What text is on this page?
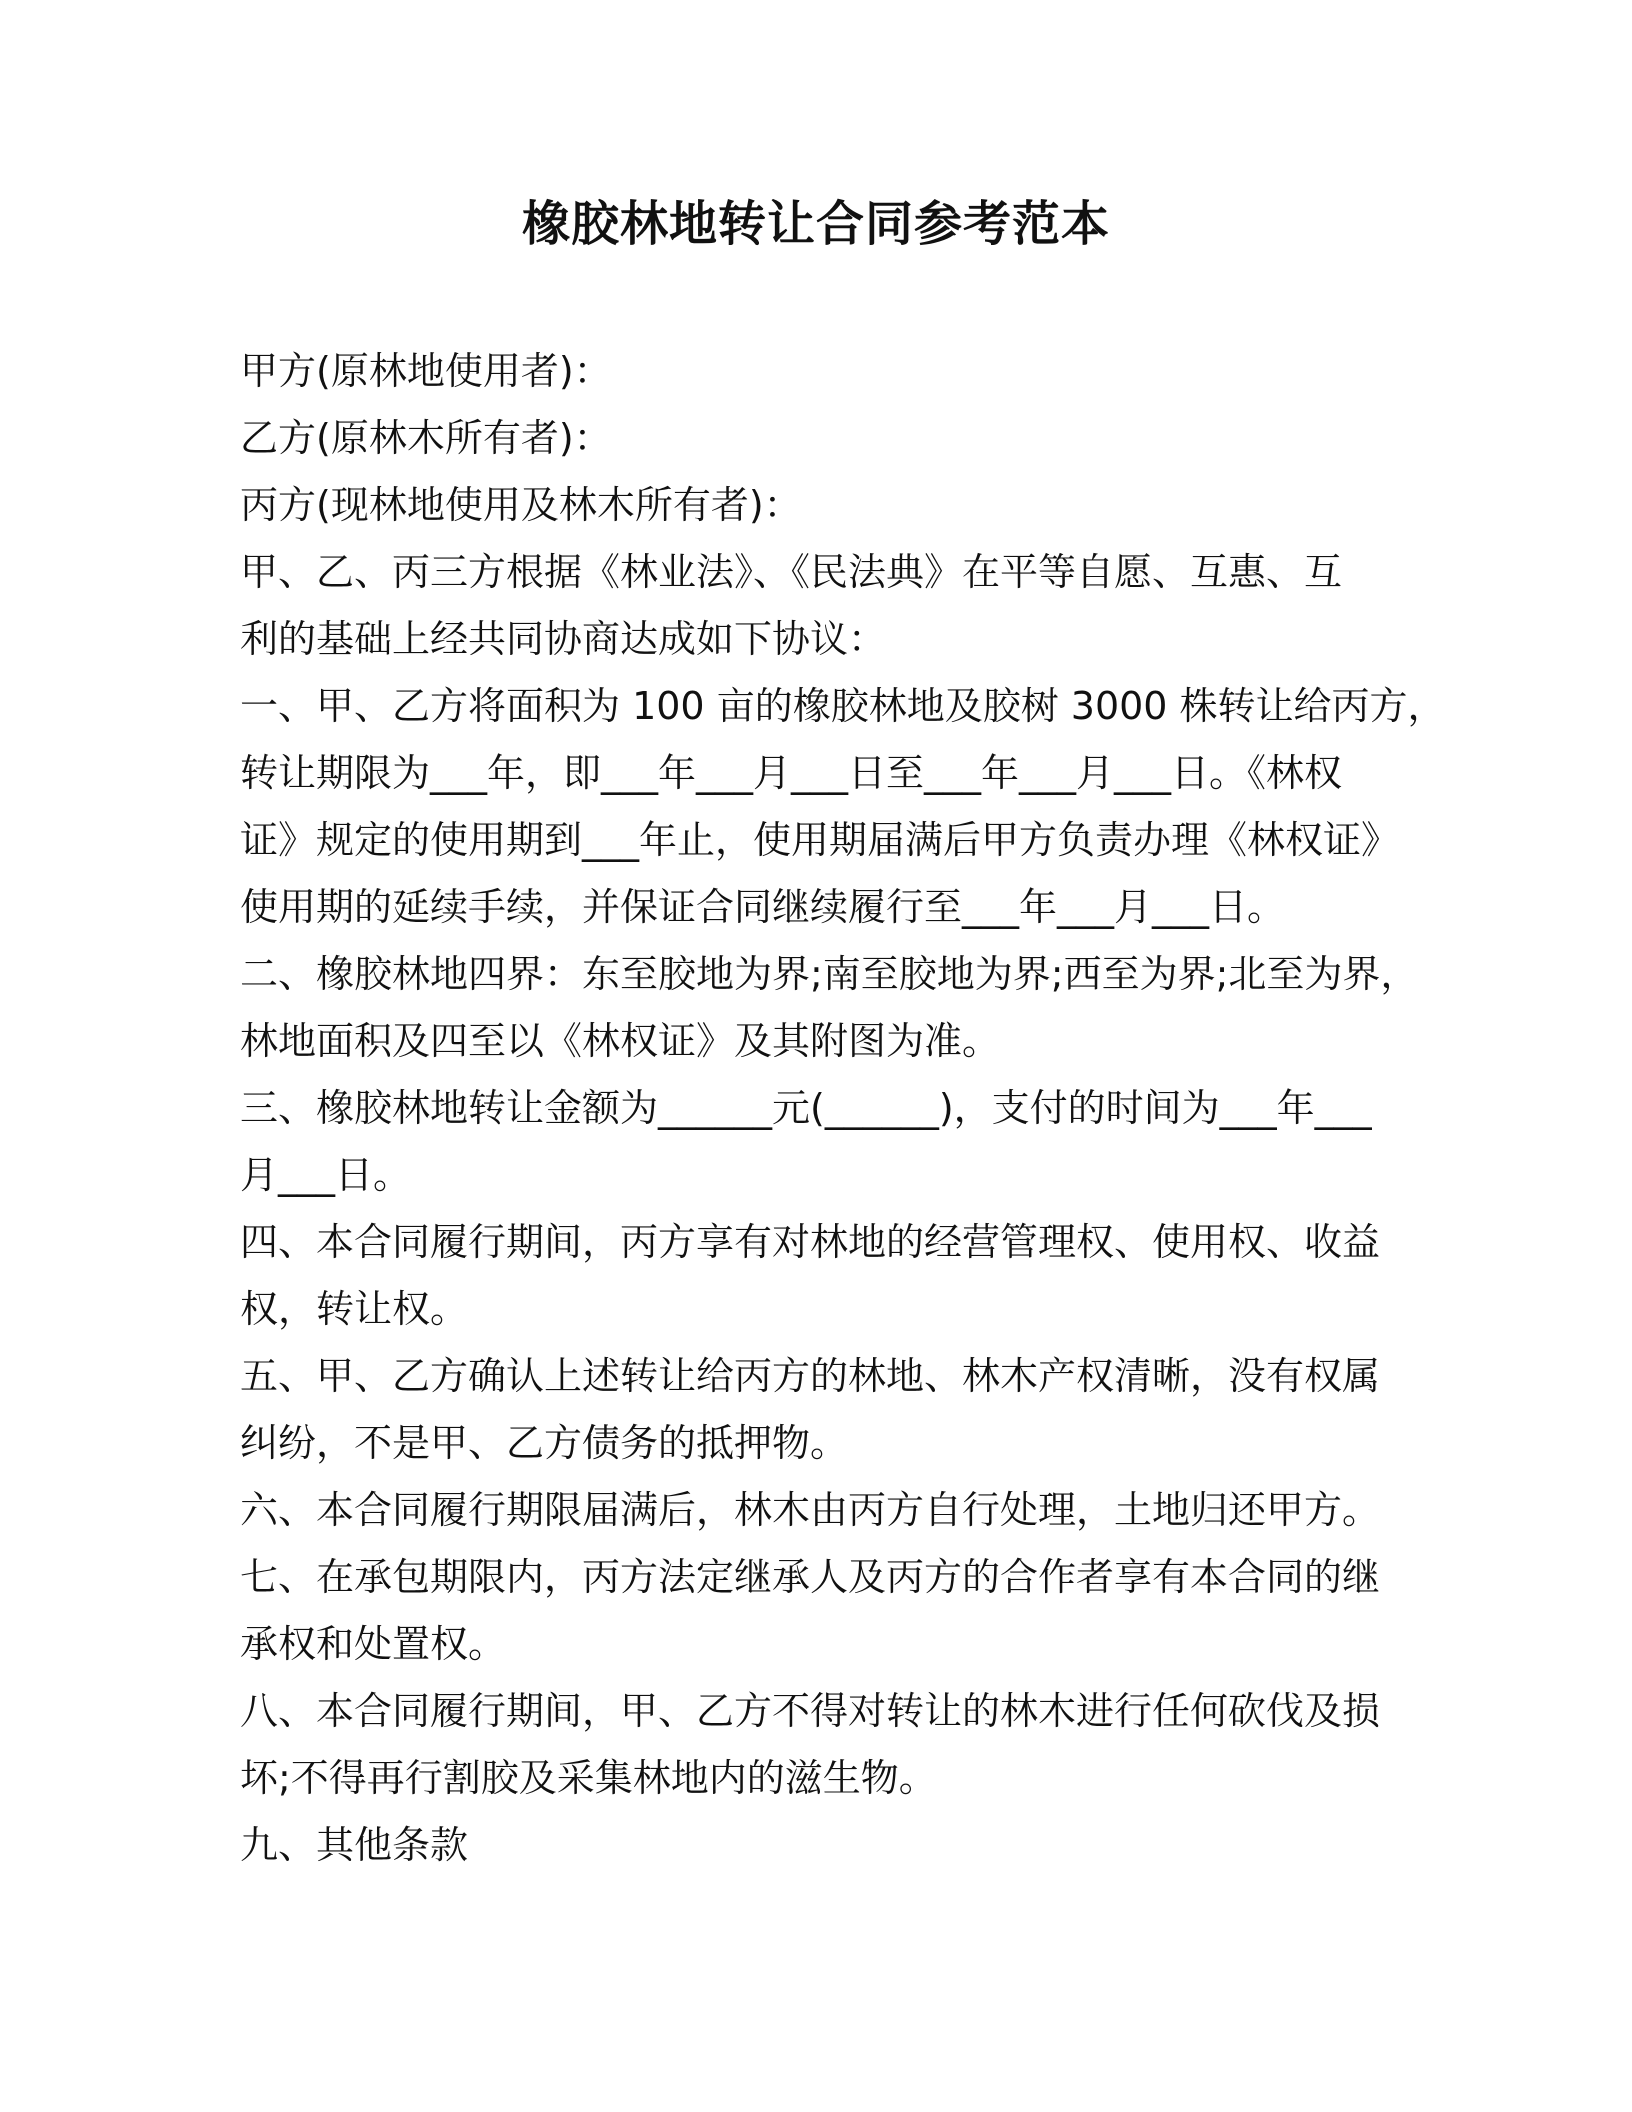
橡胶林地转让合同参考范本
甲方(原林地使用者)：
乙方(原林木所有者)：
丙方(现林地使用及林木所有者)：
甲、乙、丙三方根据《林业法》、《民法典》在平等自愿、互惠、互
利的基础上经共同协商达成如下协议：
一、甲、乙方将面积为 100 亩的橡胶林地及胶树 3000 株转让给丙方，
转让期限为___年，即___年___月___日至___年___月___日。《林权
证》规定的使用期到___年止，使用期届满后甲方负责办理《林权证》
使用期的延续手续，并保证合同继续履行至___年___月___日。
二、橡胶林地四界：东至胶地为界;南至胶地为界;西至为界;北至为界，
林地面积及四至以《林权证》及其附图为准。
三、橡胶林地转让金额为______元(______)，支付的时间为___年___
月___日。
四、本合同履行期间，丙方享有对林地的经营管理权、使用权、收益
权，转让权。
五、甲、乙方确认上述转让给丙方的林地、林木产权清晰，没有权属
纠纷，不是甲、乙方债务的抵押物。
六、本合同履行期限届满后，林木由丙方自行处理，土地归还甲方。
七、在承包期限内，丙方法定继承人及丙方的合作者享有本合同的继
承权和处置权。
八、本合同履行期间，甲、乙方不得对转让的林木进行任何砍伐及损
坏;不得再行割胶及采集林地内的滋生物。
九、其他条款
